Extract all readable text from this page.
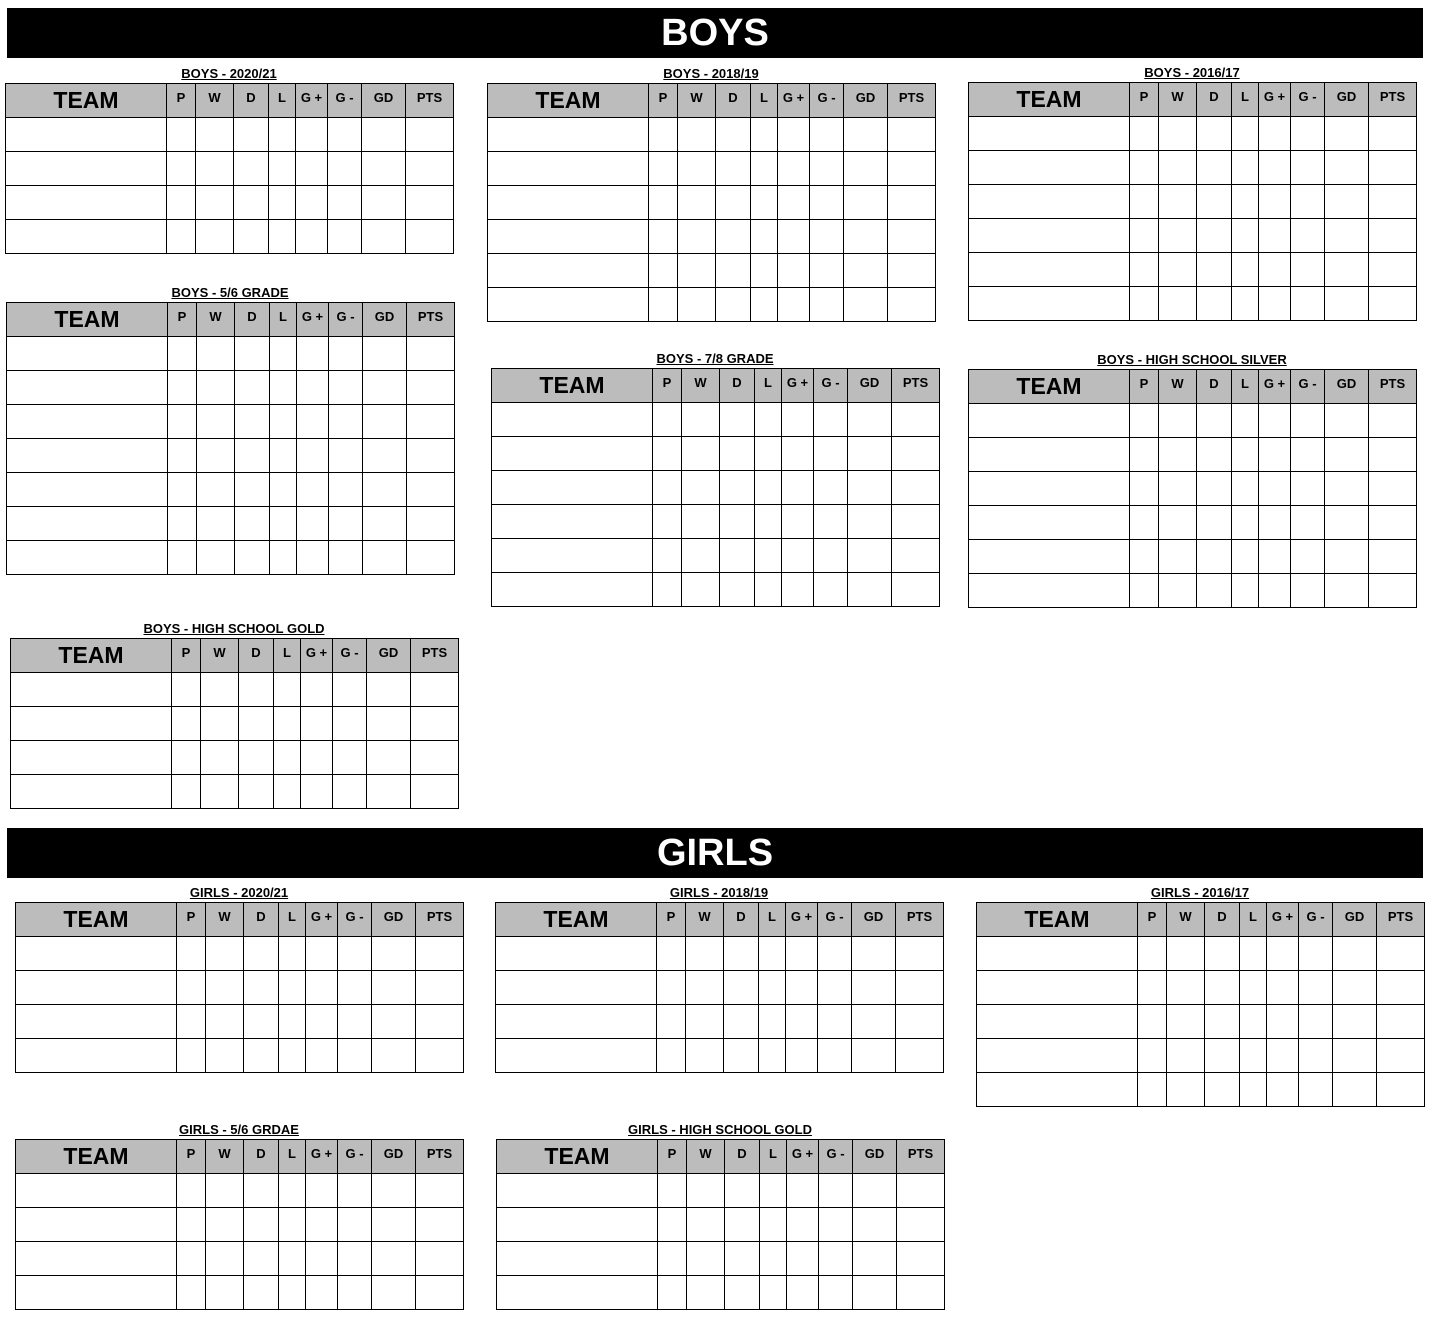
BOYS
BOYS - 2020/21
TEAM	P	W	D	L	G +	G -	GD	PTS

BOYS - 2018/19
TEAM	P	W	D	L	G +	G -	GD	PTS

BOYS - 2016/17
TEAM	P	W	D	L	G +	G -	GD	PTS

BOYS - 5/6 GRADE
TEAM	P	W	D	L	G +	G -	GD	PTS

BOYS - 7/8 GRADE
TEAM	P	W	D	L	G +	G -	GD	PTS

BOYS - HIGH SCHOOL SILVER
TEAM	P	W	D	L	G +	G -	GD	PTS

BOYS - HIGH SCHOOL GOLD
TEAM	P	W	D	L	G +	G -	GD	PTS

GIRLS
GIRLS - 2020/21
TEAM	P	W	D	L	G +	G -	GD	PTS

GIRLS - 2018/19
TEAM	P	W	D	L	G +	G -	GD	PTS

GIRLS - 2016/17
TEAM	P	W	D	L	G +	G -	GD	PTS

GIRLS - 5/6 GRDAE
TEAM	P	W	D	L	G +	G -	GD	PTS

GIRLS - HIGH SCHOOL GOLD
TEAM	P	W	D	L	G +	G -	GD	PTS
